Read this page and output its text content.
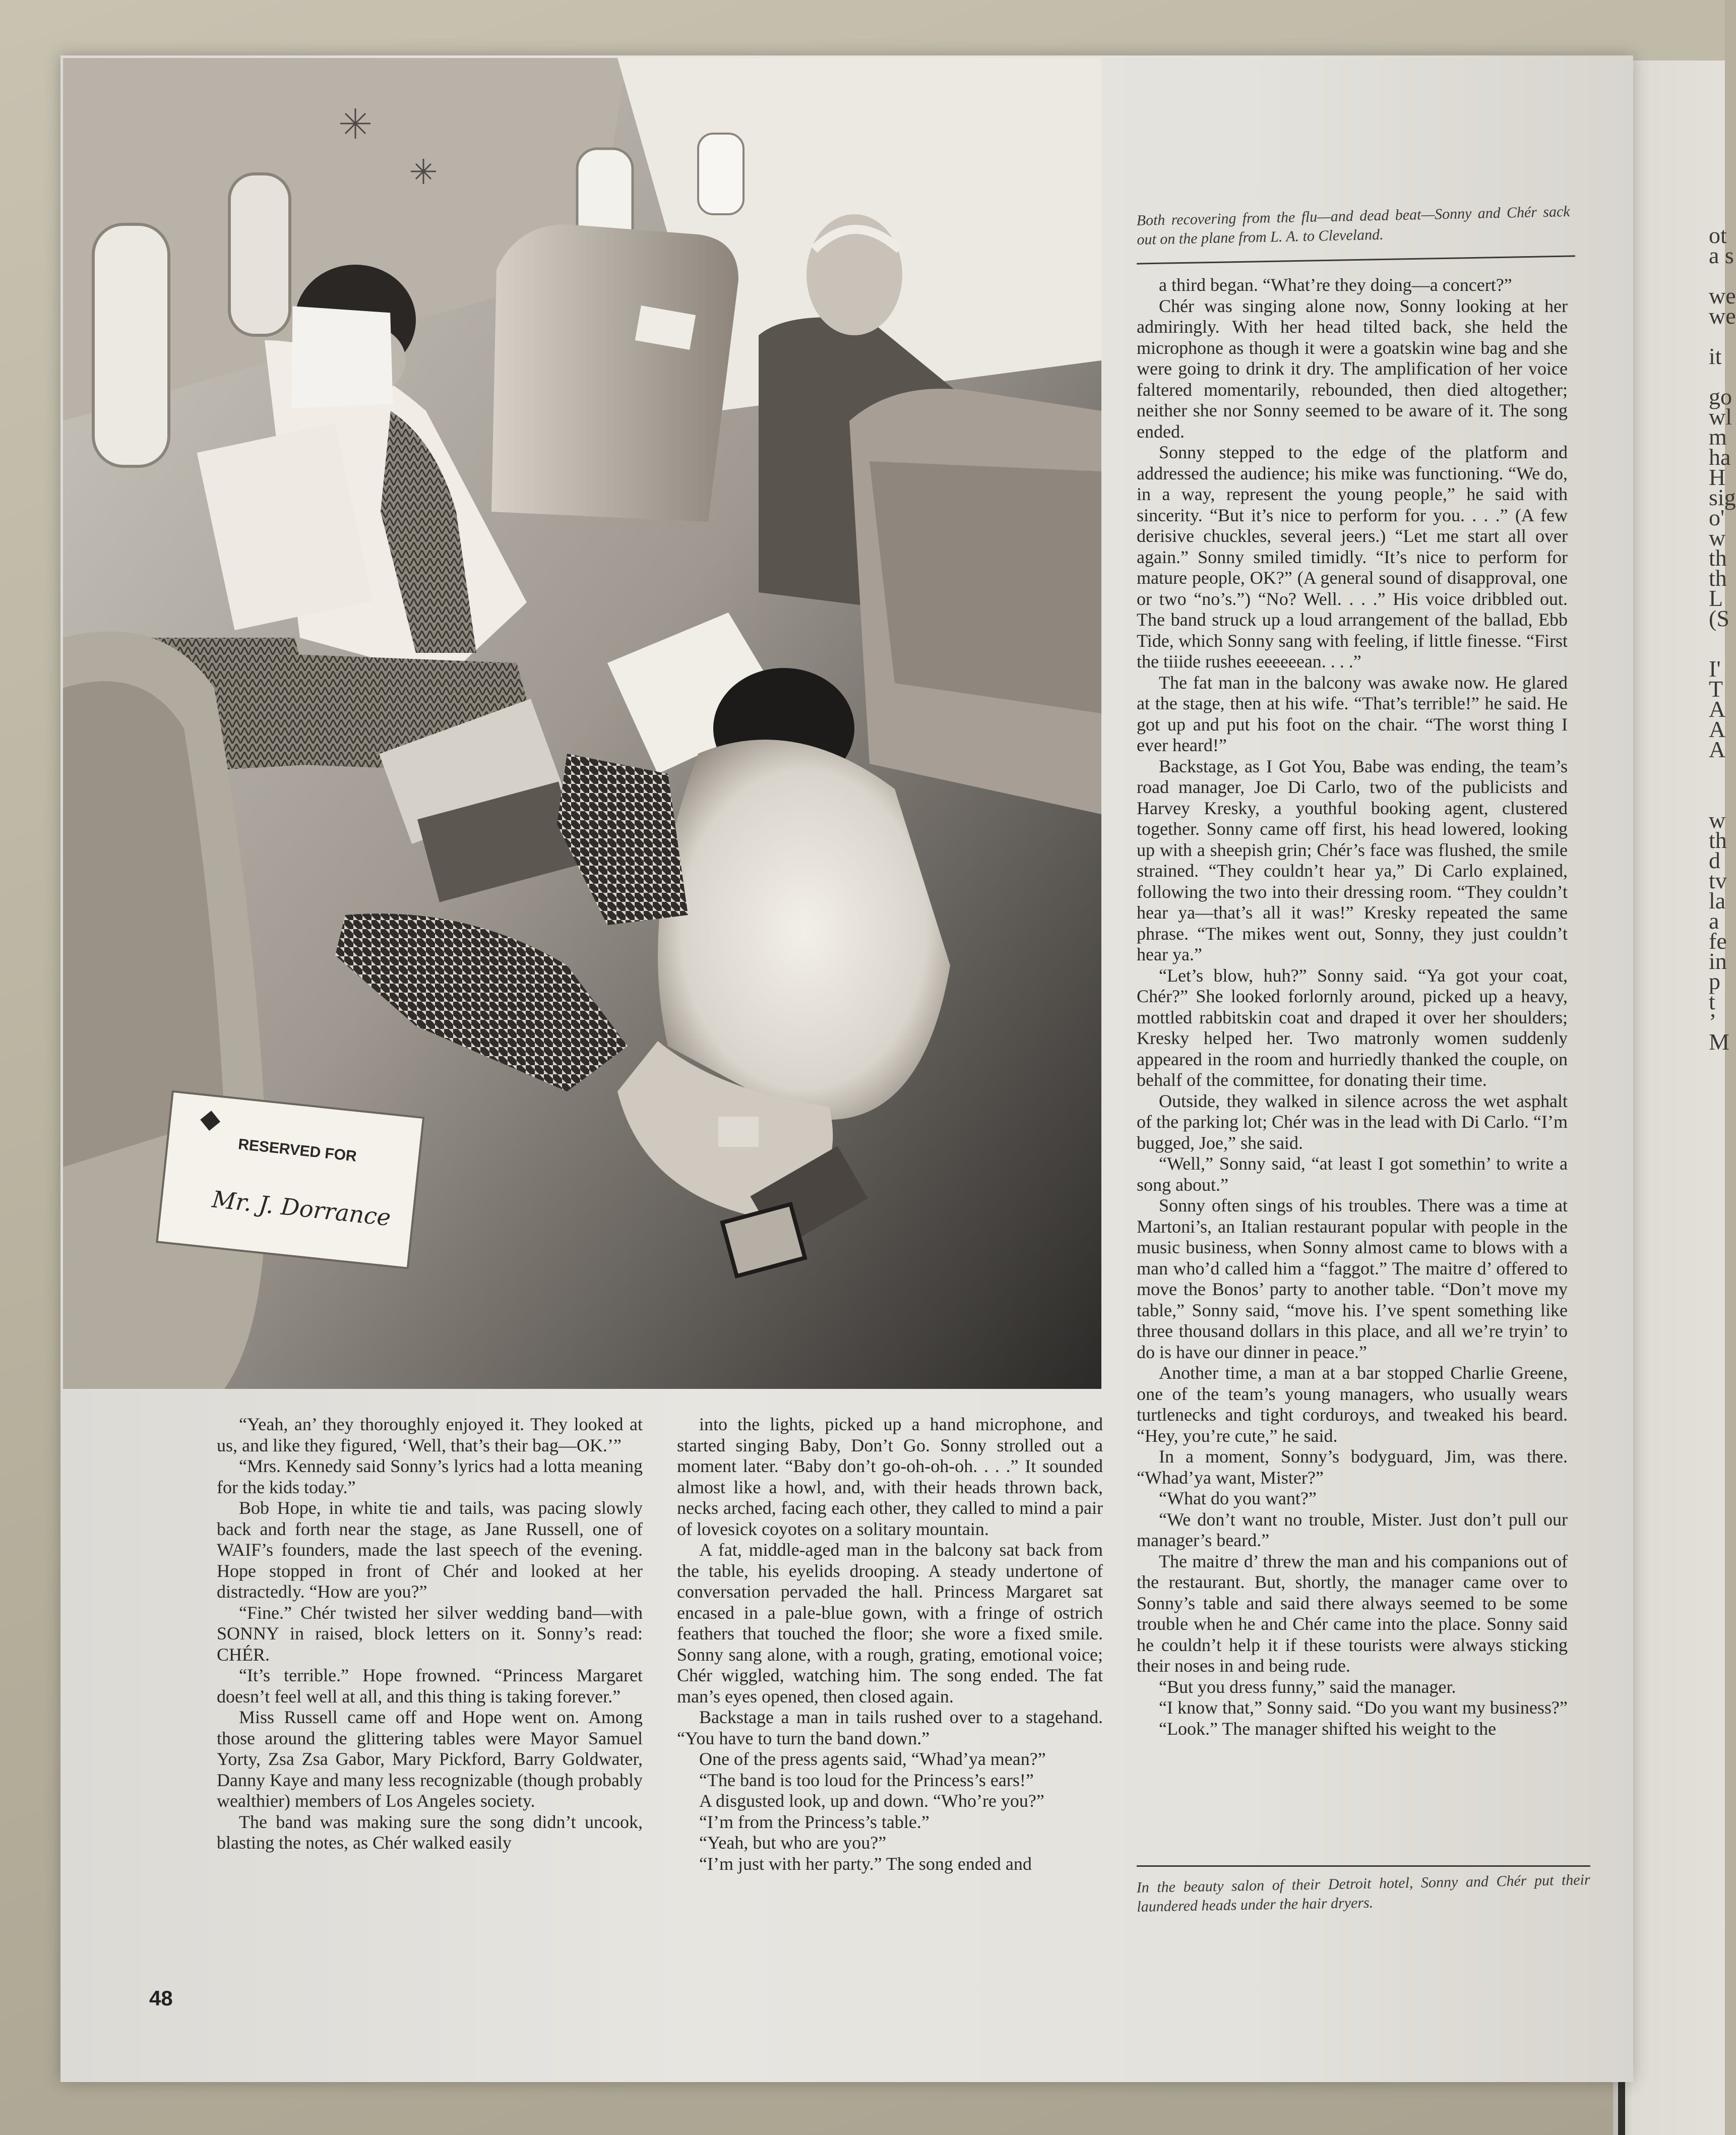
RESERVED FOR
Mr. J. Dorrance
Both recovering from the flu—and dead beat—Sonny and Chér sack out on the plane from L. A. to Cleveland.

“Yeah, an’ they thoroughly enjoyed it. They looked at us, and like they figured, ‘Well, that’s their bag—OK.’”

“Mrs. Kennedy said Sonny’s lyrics had a lotta meaning for the kids today.”

Bob Hope, in white tie and tails, was pacing slowly back and forth near the stage, as Jane Russell, one of WAIF’s founders, made the last speech of the evening. Hope stopped in front of Chér and looked at her distractedly. “How are you?”

“Fine.” Chér twisted her silver wedding band—with SONNY in raised, block letters on it. Sonny’s read: CHÉR.

“It’s terrible.” Hope frowned. “Princess Margaret doesn’t feel well at all, and this thing is taking forever.”

Miss Russell came off and Hope went on. Among those around the glittering tables were Mayor Samuel Yorty, Zsa Zsa Gabor, Mary Pickford, Barry Goldwater, Danny Kaye and many less recognizable (though probably wealthier) members of Los Angeles society.

The band was making sure the song didn’t uncook, blasting the notes, as Chér walked easily

into the lights, picked up a hand microphone, and started singing Baby, Don’t Go. Sonny strolled out a moment later. “Baby don’t go-oh-oh-oh. . . .” It sounded almost like a howl, and, with their heads thrown back, necks arched, facing each other, they called to mind a pair of lovesick coyotes on a solitary mountain.

A fat, middle-aged man in the balcony sat back from the table, his eyelids drooping. A steady undertone of conversation pervaded the hall. Princess Margaret sat encased in a pale-blue gown, with a fringe of ostrich feathers that touched the floor; she wore a fixed smile. Sonny sang alone, with a rough, grating, emotional voice; Chér wiggled, watching him. The song ended. The fat man’s eyes opened, then closed again.

Backstage a man in tails rushed over to a stagehand. “You have to turn the band down.”

One of the press agents said, “Whad’ya mean?”

“The band is too loud for the Princess’s ears!”

A disgusted look, up and down. “Who’re you?”

“I’m from the Princess’s table.”

“Yeah, but who are you?”

“I’m just with her party.” The song ended and

a third began. “What’re they doing—a concert?”

Chér was singing alone now, Sonny looking at her admiringly. With her head tilted back, she held the microphone as though it were a goatskin wine bag and she were going to drink it dry. The amplification of her voice faltered momentarily, rebounded, then died altogether; neither she nor Sonny seemed to be aware of it. The song ended.

Sonny stepped to the edge of the platform and addressed the audience; his mike was functioning. “We do, in a way, represent the young people,” he said with sincerity. “But it’s nice to perform for you. . . .” (A few derisive chuckles, several jeers.) “Let me start all over again.” Sonny smiled timidly. “It’s nice to perform for mature people, OK?” (A general sound of disapproval, one or two “no’s.”) “No? Well. . . .” His voice dribbled out. The band struck up a loud arrangement of the ballad, Ebb Tide, which Sonny sang with feeling, if little finesse. “First the tiiide rushes eeeeeean. . . .”

The fat man in the balcony was awake now. He glared at the stage, then at his wife. “That’s terrible!” he said. He got up and put his foot on the chair. “The worst thing I ever heard!”

Backstage, as I Got You, Babe was ending, the team’s road manager, Joe Di Carlo, two of the publicists and Harvey Kresky, a youthful booking agent, clustered together. Sonny came off first, his head lowered, looking up with a sheepish grin; Chér’s face was flushed, the smile strained. “They couldn’t hear ya,” Di Carlo explained, following the two into their dressing room. “They couldn’t hear ya—that’s all it was!” Kresky repeated the same phrase. “The mikes went out, Sonny, they just couldn’t hear ya.”

“Let’s blow, huh?” Sonny said. “Ya got your coat, Chér?” She looked forlornly around, picked up a heavy, mottled rabbitskin coat and draped it over her shoulders; Kresky helped her. Two matronly women suddenly appeared in the room and hurriedly thanked the couple, on behalf of the committee, for donating their time.

Outside, they walked in silence across the wet asphalt of the parking lot; Chér was in the lead with Di Carlo. “I’m bugged, Joe,” she said.

“Well,” Sonny said, “at least I got somethin’ to write a song about.”

Sonny often sings of his troubles. There was a time at Martoni’s, an Italian restaurant popular with people in the music business, when Sonny almost came to blows with a man who’d called him a “faggot.” The maitre d’ offered to move the Bonos’ party to another table. “Don’t move my table,” Sonny said, “move his. I’ve spent something like three thousand dollars in this place, and all we’re tryin’ to do is have our dinner in peace.”

Another time, a man at a bar stopped Charlie Greene, one of the team’s young managers, who usually wears turtlenecks and tight corduroys, and tweaked his beard. “Hey, you’re cute,” he said.

In a moment, Sonny’s bodyguard, Jim, was there. “Whad’ya want, Mister?”

“What do you want?”

“We don’t want no trouble, Mister. Just don’t pull our manager’s beard.”

The maitre d’ threw the man and his companions out of the restaurant. But, shortly, the manager came over to Sonny’s table and said there always seemed to be some trouble when he and Chér came into the place. Sonny said he couldn’t help it if these tourists were always sticking their noses in and being rude.

“But you dress funny,” said the manager.

“I know that,” Sonny said. “Do you want my business?”

“Look.” The manager shifted his weight to the

In the beauty salon of their Detroit hotel, Sonny and Chér put their laundered heads under the hair dryers.
48
ot
a s
we
we
it
go
wl
m
ha
H
sig
o'
w
th
th
L
(S
I'
T
A
A
A
w
th
d
tv
la
a
fe
in
p
t
’
M
